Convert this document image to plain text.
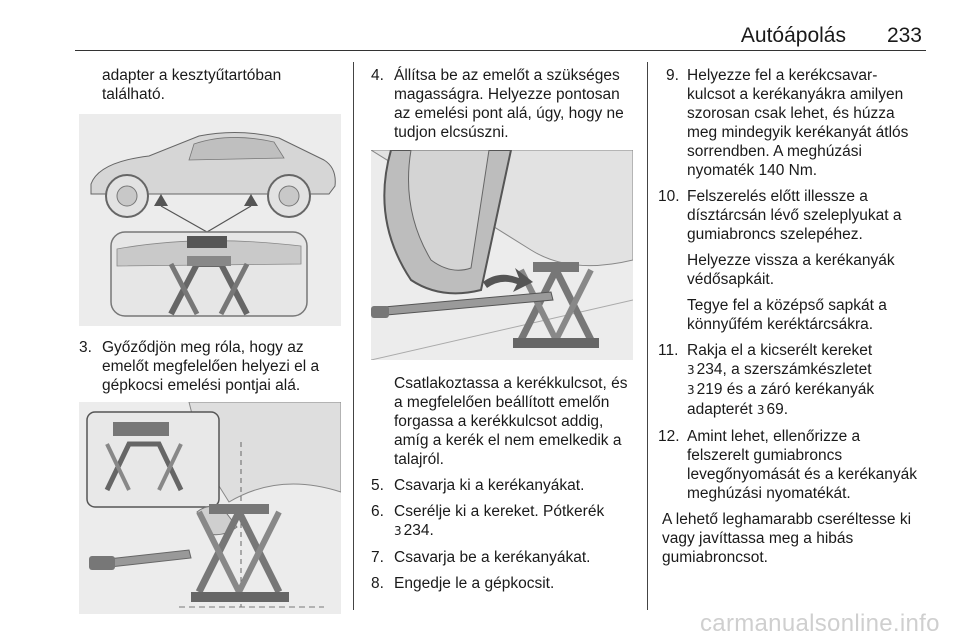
Autóápolás 233

adapter a kesztyűtartóban

található.

3. Győződjön meg róla, hogy az

emelőt megfelelően helyezi el a

gépkocsi emelési pontjai alá.

4. Állítsa be az emelőt a szükséges

magasságra. Helyezze pontosan

az emelési pont alá, úgy, hogy ne

tudjon elcsúszni.

Csatlakoztassa a kerékkulcsot, és

a megfelelően beállított emelőn

forgassa a kerékkulcsot addig,

amíg a kerék el nem emelkedik a

talajról.

5. Csavarja ki a kerékanyákat.

6. Cserélje ki a kereket. Pótkerék

3 234.

7. Csavarja be a kerékanyákat.

8. Engedje le a gépkocsit.

9. Helyezze fel a kerékcsavar-

kulcsot a kerékanyákra amilyen

szorosan csak lehet, és húzza

meg mindegyik kerékanyát átlós

sorrendben. A meghúzási

nyomaték 140 Nm.

10. Felszerelés előtt illessze a

dísztárcsán lévő szeleplyukat a

gumiabroncs szelepéhez.

Helyezze vissza a kerékanyák

védősapkáit.

Tegye fel a középső sapkát a

könnyűfém keréktárcsákra.

11. Rakja el a kicserélt kereket

3 234, a szerszámkészletet

3 219 és a záró kerékanyák

adapterét 3 69.

12. Amint lehet, ellenőrizze a

felszerelt gumiabroncs

levegőnyomását és a kerékanyák

meghúzási nyomatékát.

A lehető leghamarabb cseréltesse ki

vagy javíttassa meg a hibás

gumiabroncsot.

carmanualsonline.info
